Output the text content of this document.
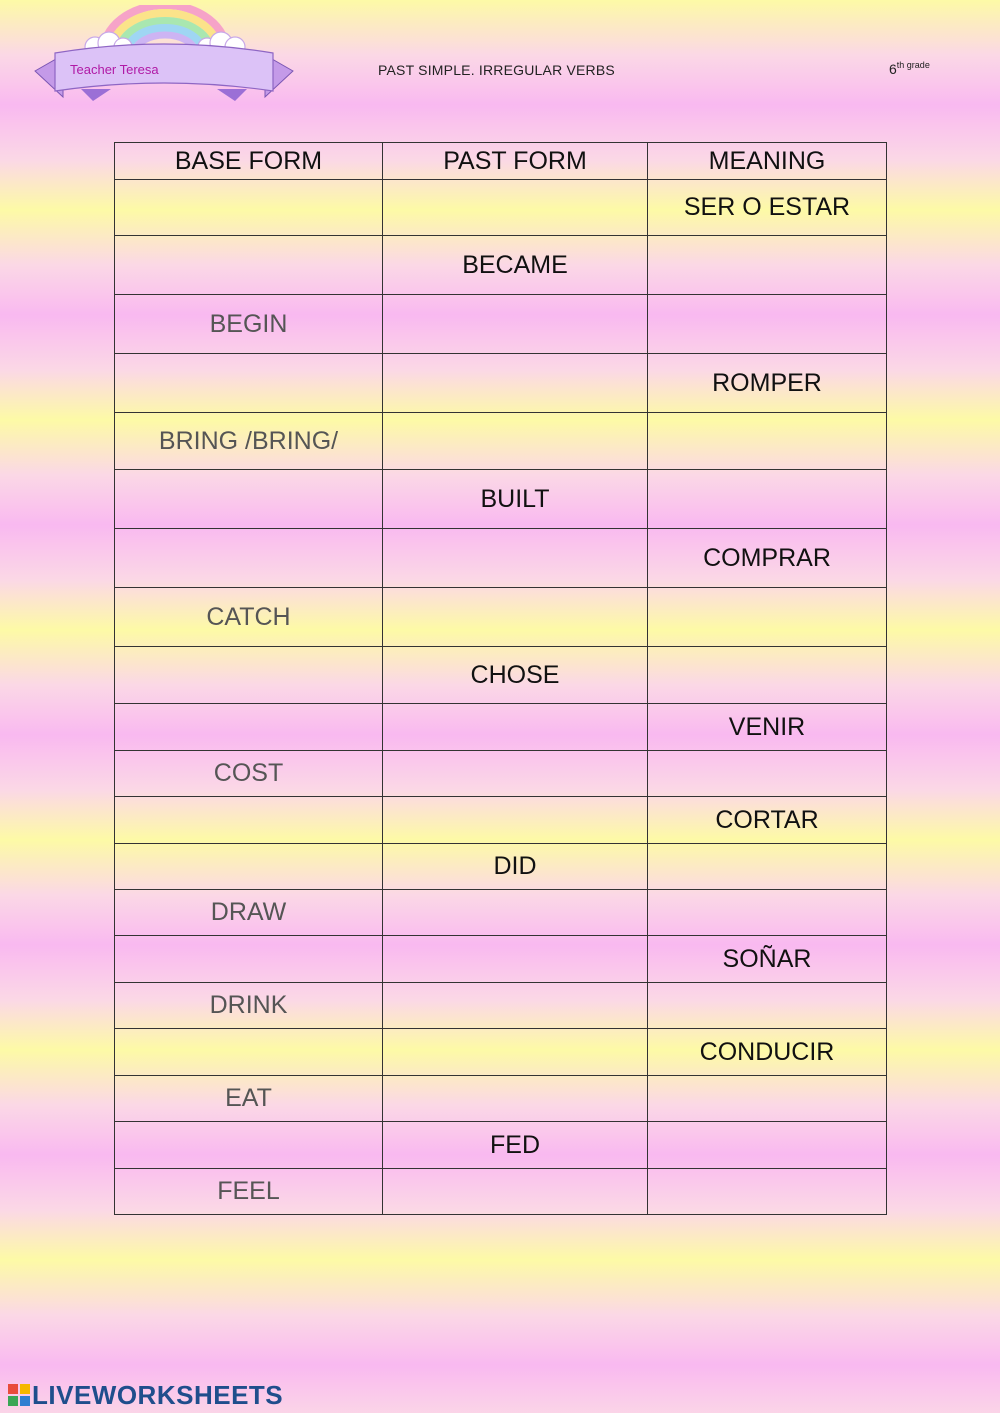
Teacher Teresa	PAST SIMPLE. IRREGULAR VERBS	$6^{th grade}$
BASE FORM	PAST FORM	MEANING
		SER O ESTAR
	BECAME	
BEGIN		
		ROMPER
BRING /BRING/		
	BUILT	
		COMPRAR
CATCH		
	CHOSE	
		VENIR
COST		
		CORTAR
	DID	
DRAW		
		SOÑAR
DRINK		
		CONDUCIR
EAT		
	FED	
FEEL		
LIVEWORKSHEETS
